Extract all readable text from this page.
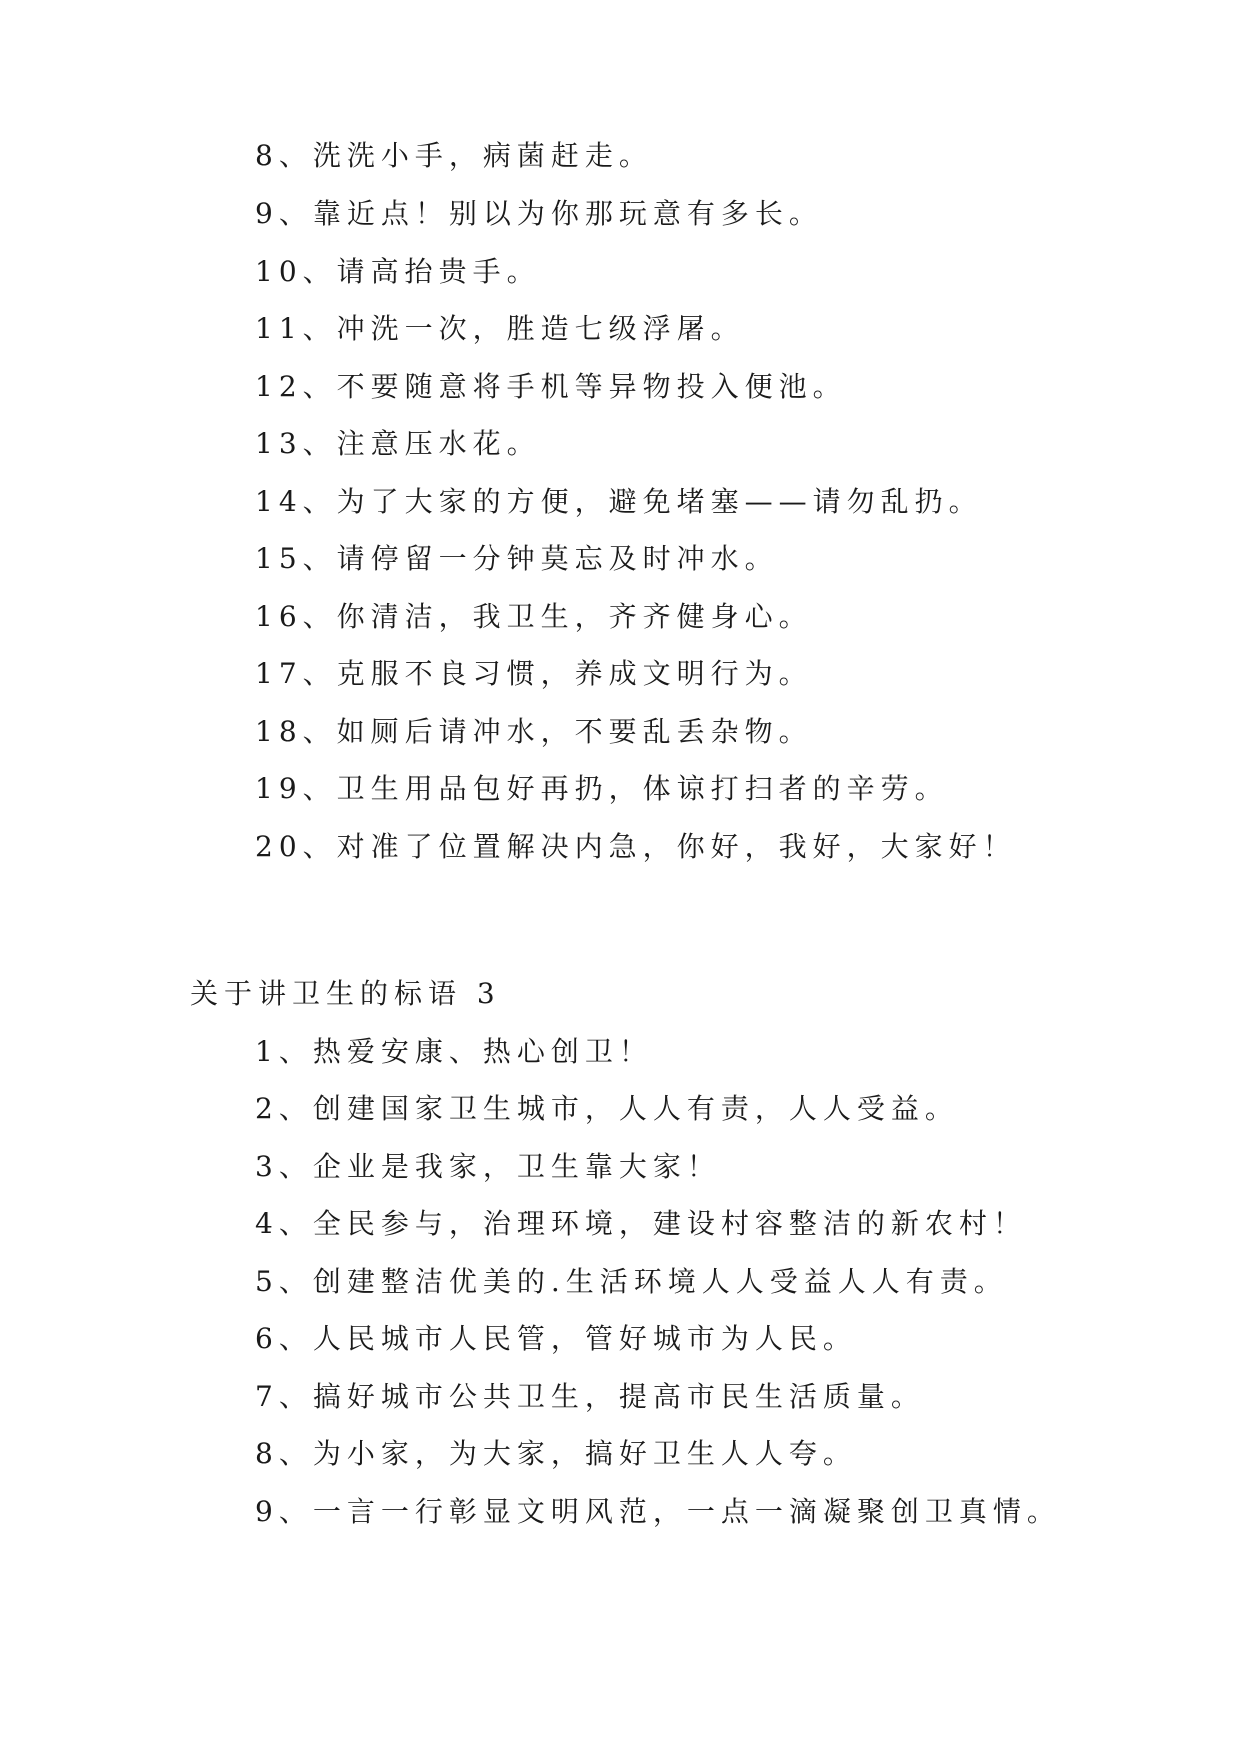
8、洗洗小手，病菌赶走。
9、靠近点！别以为你那玩意有多长。
10、请高抬贵手。
11、冲洗一次，胜造七级浮屠。
12、不要随意将手机等异物投入便池。
13、注意压水花。
14、为了大家的方便，避免堵塞——请勿乱扔。
15、请停留一分钟莫忘及时冲水。
16、你清洁，我卫生，齐齐健身心。
17、克服不良习惯，养成文明行为。
18、如厕后请冲水，不要乱丢杂物。
19、卫生用品包好再扔，体谅打扫者的辛劳。
20、对准了位置解决内急，你好，我好，大家好！
关于讲卫生的标语 3
1、热爱安康、热心创卫！
2、创建国家卫生城市，人人有责，人人受益。
3、企业是我家，卫生靠大家！
4、全民参与，治理环境，建设村容整洁的新农村！
5、创建整洁优美的.生活环境人人受益人人有责。
6、人民城市人民管，管好城市为人民。
7、搞好城市公共卫生，提高市民生活质量。
8、为小家，为大家，搞好卫生人人夸。
9、一言一行彰显文明风范，一点一滴凝聚创卫真情。
